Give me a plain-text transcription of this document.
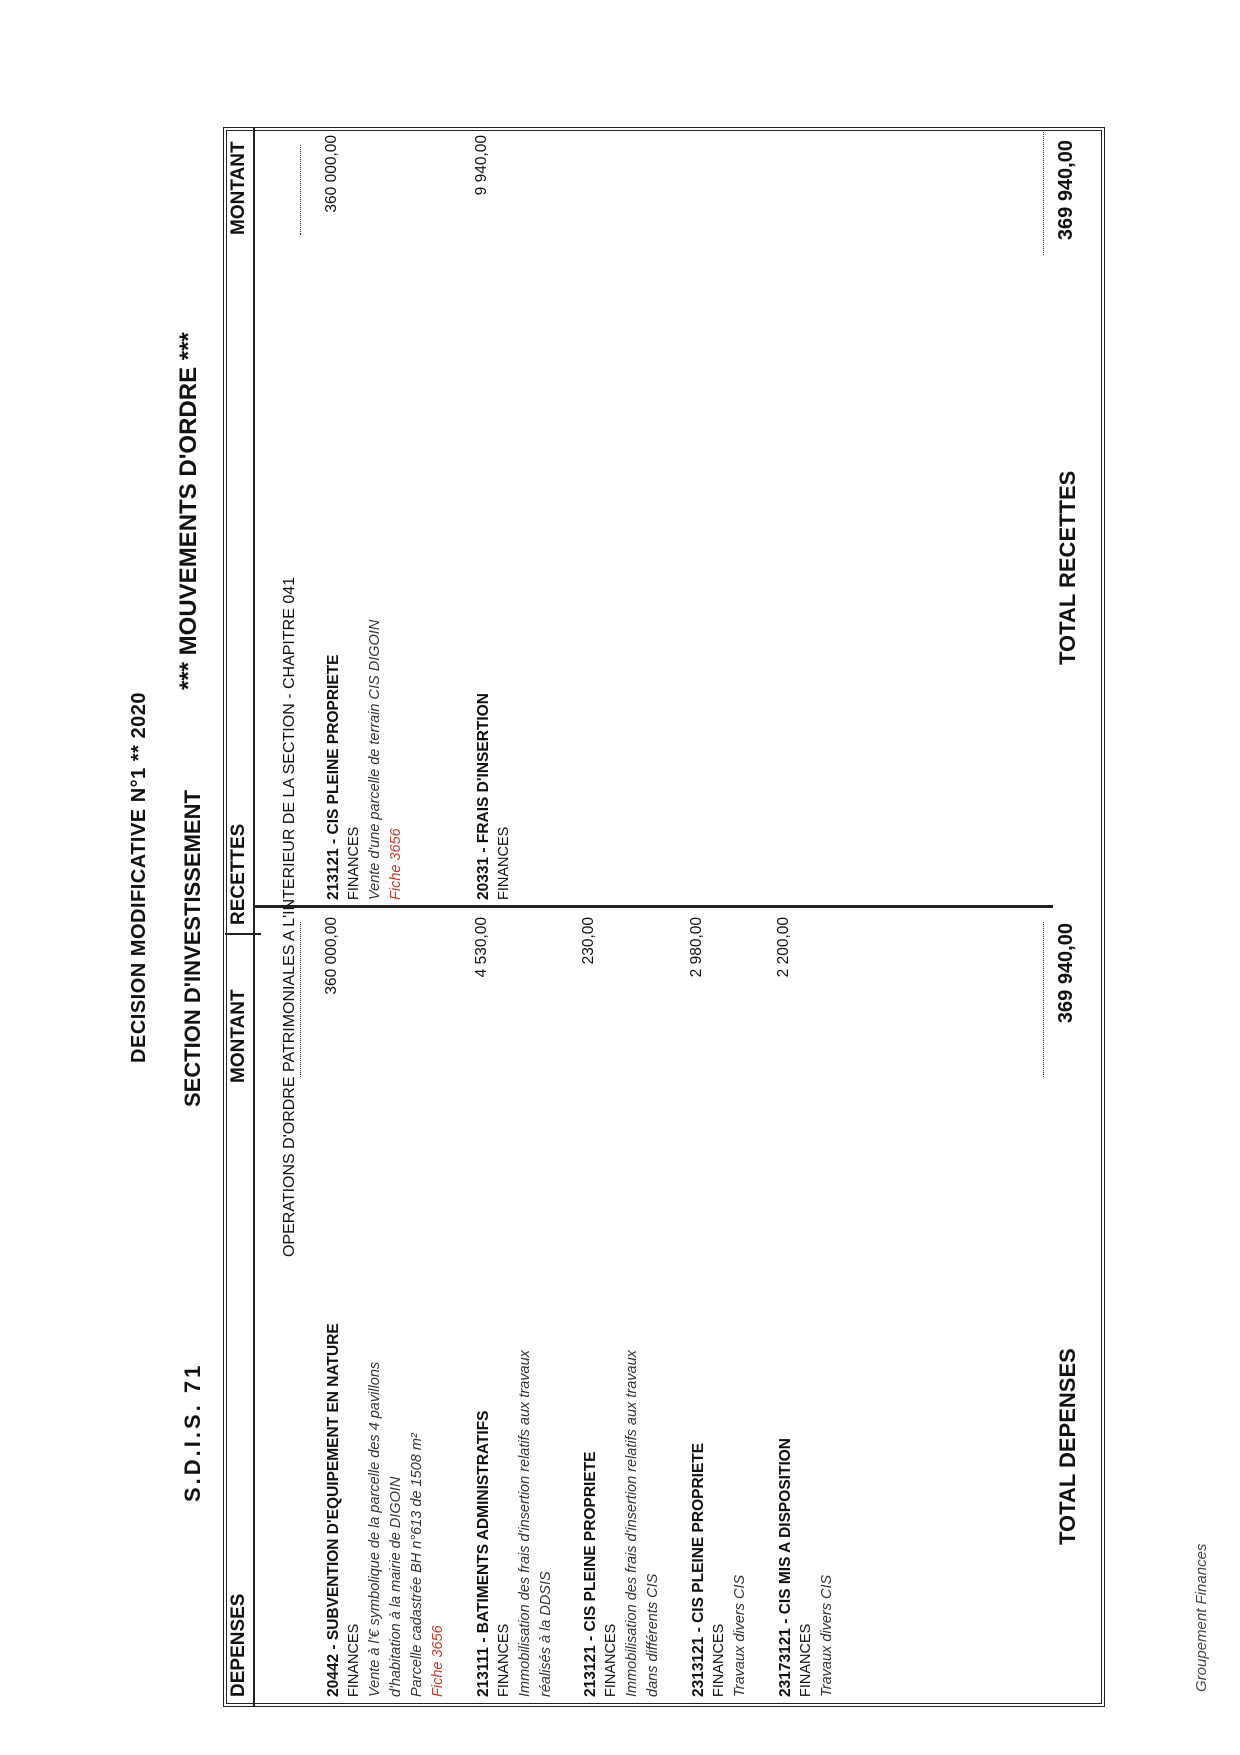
DECISION MODIFICATIVE N°1 ** 2020
S.D.I.S. 71
SECTION D'INVESTISSEMENT
*** MOUVEMENTS D'ORDRE ***
DEPENSES
MONTANT
RECETTES
MONTANT
OPERATIONS D'ORDRE PATRIMONIALES A L'INTERIEUR DE LA SECTION - CHAPITRE 041
20442 - SUBVENTION D'EQUIPEMENT EN NATURE FINANCES Vente à l'€ symbolique de la parcelle des 4 pavillons d'habitation à la mairie de DIGOIN Parcelle cadastrée BH n°613 de 1508 m² Fiche 3656
360 000,00
213111 - BATIMENTS ADMINISTRATIFS FINANCES Immobilisation des frais d'insertion relatifs aux travaux réalisés à la DDSIS
4 530,00
213121 - CIS PLEINE PROPRIETE FINANCES Immobilisation des frais d'insertion relatifs aux travaux dans différents CIS
230,00
2313121 - CIS PLEINE PROPRIETE FINANCES Travaux divers CIS
2 980,00
23173121 - CIS MIS A DISPOSITION FINANCES Travaux divers CIS
2 200,00
213121 - CIS PLEINE PROPRIETE FINANCES Vente d'une parcelle de terrain CIS DIGOIN Fiche 3656
360 000,00
20331 - FRAIS D'INSERTION FINANCES
9 940,00
TOTAL DEPENSES
369 940,00
TOTAL RECETTES
369 940,00
Groupement Finances
